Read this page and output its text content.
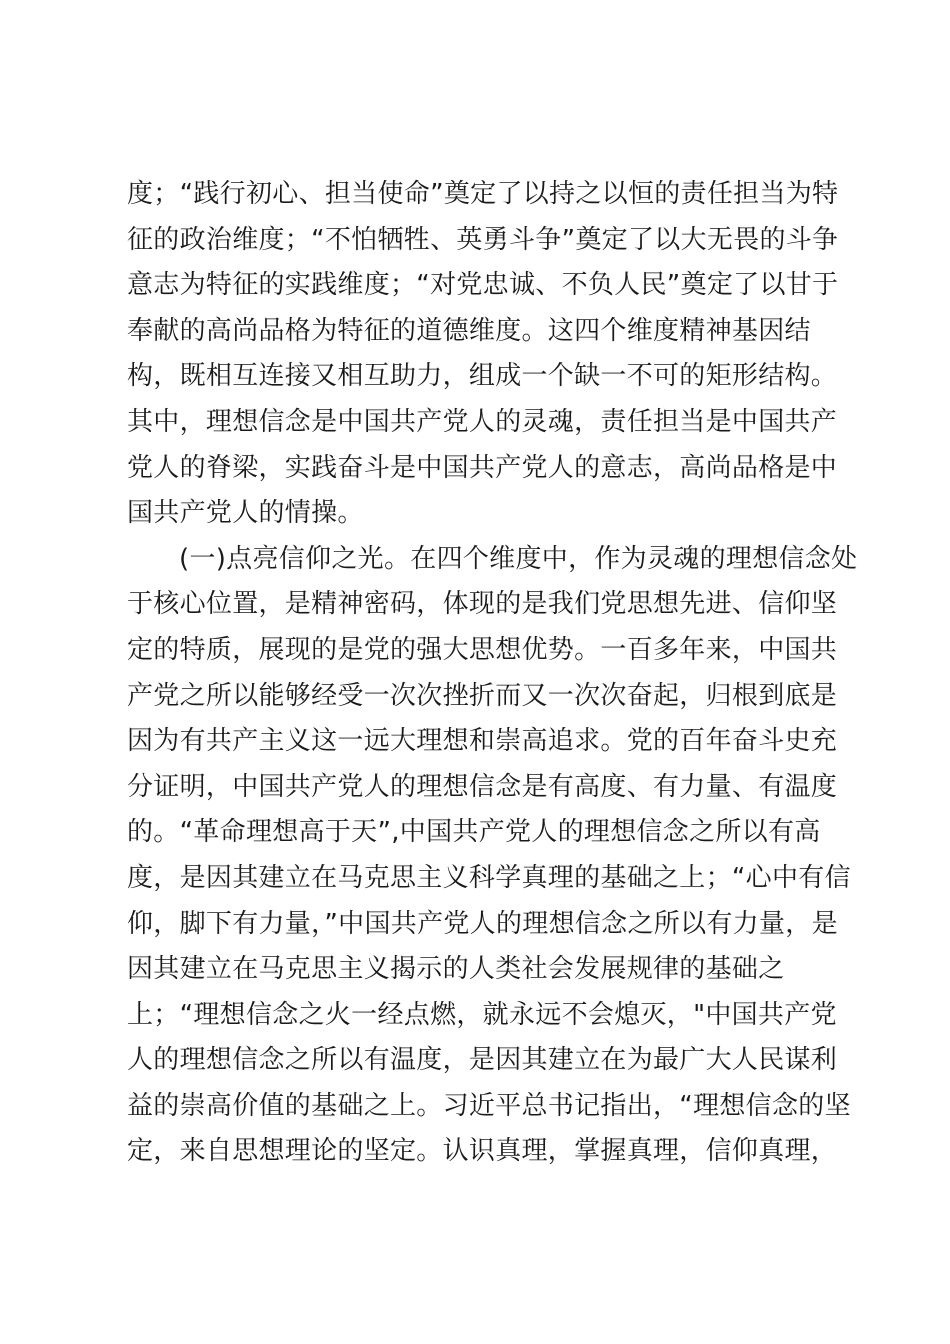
度；“践行初心、担当使命”奠定了以持之以恒的责任担当为特
征的政治维度；“不怕牺牲、英勇斗争”奠定了以大无畏的斗争
意志为特征的实践维度；“对党忠诚、不负人民”奠定了以甘于
奉献的高尚品格为特征的道德维度。这四个维度精神基因结
构，既相互连接又相互助力，组成一个缺一不可的矩形结构。
其中，理想信念是中国共产党人的灵魂，责任担当是中国共产
党人的脊梁，实践奋斗是中国共产党人的意志，高尚品格是中
国共产党人的情操。
(一)点亮信仰之光。在四个维度中，作为灵魂的理想信念处
于核心位置，是精神密码，体现的是我们党思想先进、信仰坚
定的特质，展现的是党的强大思想优势。一百多年来，中国共
产党之所以能够经受一次次挫折而又一次次奋起，归根到底是
因为有共产主义这一远大理想和崇高追求。党的百年奋斗史充
分证明，中国共产党人的理想信念是有高度、有力量、有温度
的。“革命理想高于天”,中国共产党人的理想信念之所以有高
度，是因其建立在马克思主义科学真理的基础之上；“心中有信
仰，脚下有力量，”中国共产党人的理想信念之所以有力量，是
因其建立在马克思主义揭示的人类社会发展规律的基础之
上；“理想信念之火一经点燃，就永远不会熄灭，"中国共产党
人的理想信念之所以有温度，是因其建立在为最广大人民谋利
益的崇高价值的基础之上。习近平总书记指出，“理想信念的坚
定，来自思想理论的坚定。认识真理，掌握真理，信仰真理，
